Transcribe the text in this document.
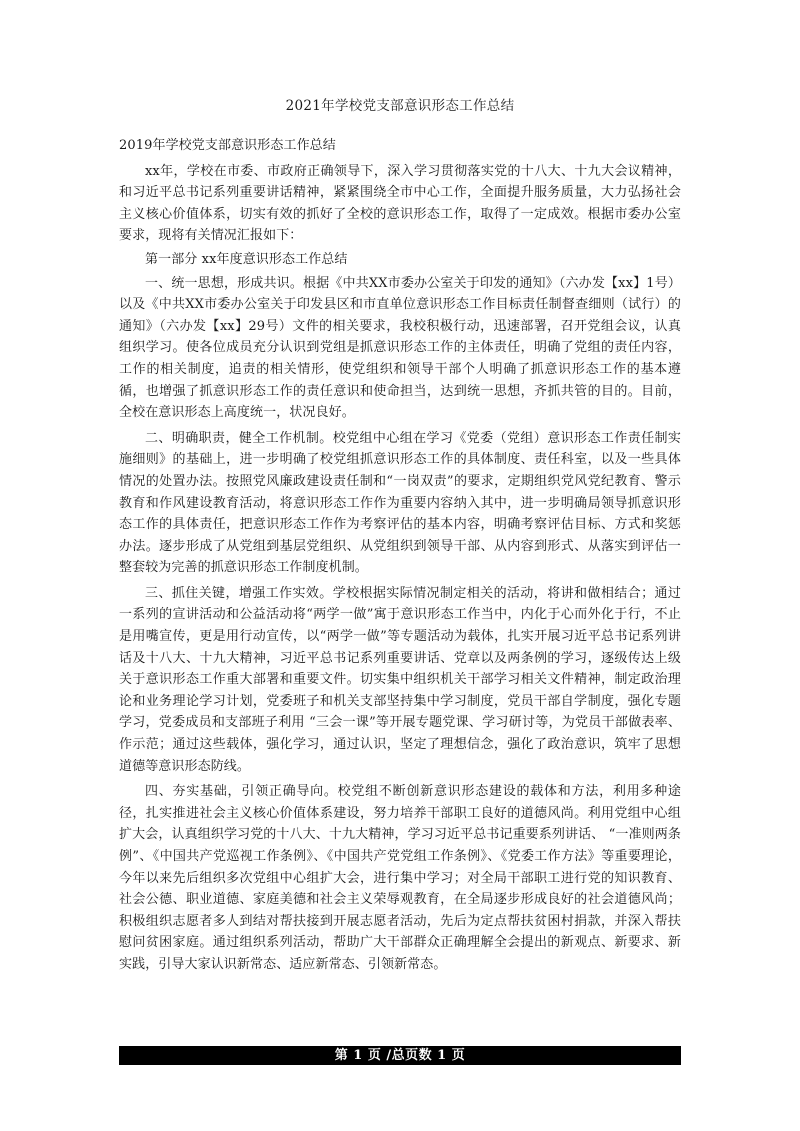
2021年学校党支部意识形态工作总结

2019年学校党支部意识形态工作总结

xx年，学校在市委、市政府正确领导下，深入学习贯彻落实党的十八大、十九大会议精神，和习近平总书记系列重要讲话精神，紧紧围绕全市中心工作，全面提升服务质量，大力弘扬社会主义核心价值体系，切实有效的抓好了全校的意识形态工作，取得了一定成效。根据市委办公室要求，现将有关情况汇报如下：

第一部分 xx年度意识形态工作总结

一、统一思想，形成共识。根据《中共XX市委办公室关于印发的通知》（六办发【xx】1号）以及《中共XX市委办公室关于印发县区和市直单位意识形态工作目标责任制督查细则（试行）的通知》（六办发【xx】29号）文件的相关要求，我校积极行动，迅速部署，召开党组会议，认真组织学习。使各位成员充分认识到党组是抓意识形态工作的主体责任，明确了党组的责任内容，工作的相关制度，追责的相关情形，使党组织和领导干部个人明确了抓意识形态工作的基本遵循，也增强了抓意识形态工作的责任意识和使命担当，达到统一思想，齐抓共管的目的。目前，全校在意识形态上高度统一，状况良好。

二、明确职责，健全工作机制。校党组中心组在学习《党委（党组）意识形态工作责任制实施细则》的基础上，进一步明确了校党组抓意识形态工作的具体制度、责任科室，以及一些具体情况的处置办法。按照党风廉政建设责任制和“一岗双责”的要求，定期组织党风党纪教育、警示教育和作风建设教育活动，将意识形态工作作为重要内容纳入其中，进一步明确局领导抓意识形态工作的具体责任，把意识形态工作作为考察评估的基本内容，明确考察评估目标、方式和奖惩办法。逐步形成了从党组到基层党组织、从党组织到领导干部、从内容到形式、从落实到评估一整套较为完善的抓意识形态工作制度机制。

三、抓住关键，增强工作实效。学校根据实际情况制定相关的活动，将讲和做相结合；通过一系列的宣讲活动和公益活动将“两学一做”寓于意识形态工作当中，内化于心而外化于行，不止是用嘴宣传，更是用行动宣传，以“两学一做”等专题活动为载体，扎实开展习近平总书记系列讲话及十八大、十九大精神，习近平总书记系列重要讲话、党章以及两条例的学习，逐级传达上级关于意识形态工作重大部署和重要文件。切实集中组织机关干部学习相关文件精神，制定政治理论和业务理论学习计划，党委班子和机关支部坚持集中学习制度，党员干部自学制度，强化专题学习，党委成员和支部班子利用 “三会一课”等开展专题党课、学习研讨等，为党员干部做表率、作示范；通过这些载体，强化学习，通过认识，坚定了理想信念，强化了政治意识，筑牢了思想道德等意识形态防线。

四、夯实基础，引领正确导向。校党组不断创新意识形态建设的载体和方法，利用多种途径，扎实推进社会主义核心价值体系建设，努力培养干部职工良好的道德风尚。利用党组中心组扩大会，认真组织学习党的十八大、十九大精神，学习习近平总书记重要系列讲话、 “一准则两条例”、《中国共产党巡视工作条例》、《中国共产党党组工作条例》、《党委工作方法》等重要理论，今年以来先后组织多次党组中心组扩大会，进行集中学习；对全局干部职工进行党的知识教育、社会公德、职业道德、家庭美德和社会主义荣辱观教育，在全局逐步形成良好的社会道德风尚；积极组织志愿者多人到结对帮扶接到开展志愿者活动，先后为定点帮扶贫困村捐款，并深入帮扶慰问贫困家庭。通过组织系列活动，帮助广大干部群众正确理解全会提出的新观点、新要求、新实践，引导大家认识新常态、适应新常态、引领新常态。

第 1 页 /总页数 1 页
